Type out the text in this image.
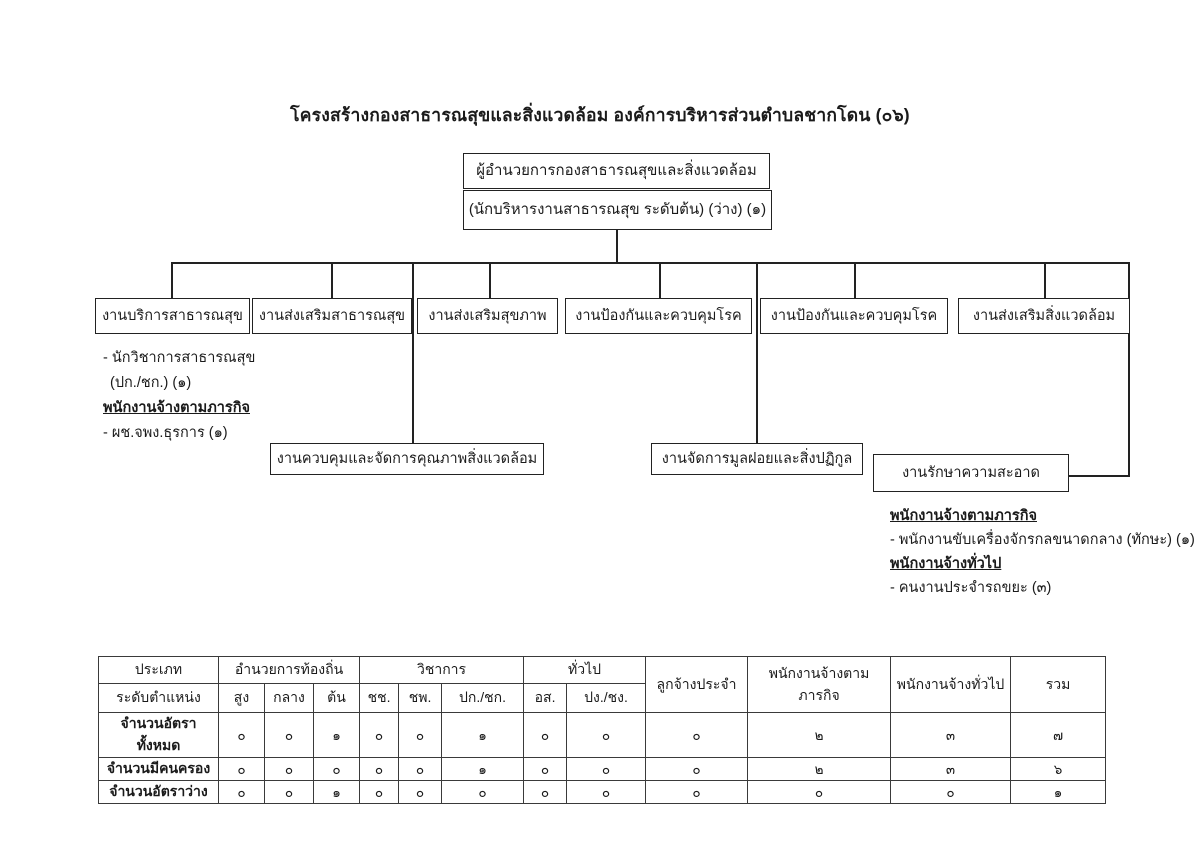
โครงสร้างกองสาธารณสุขและสิ่งแวดล้อม องค์การบริหารส่วนตำบลชากโดน (๐๖)
ผู้อำนวยการกองสาธารณสุขและสิ่งแวดล้อม
(นักบริหารงานสาธารณสุข ระดับต้น) (ว่าง) (๑)
งานบริการสาธารณสุข งานส่งเสริมสาธารณสุข งานส่งเสริมสุขภาพ งานป้องกันและควบคุมโรค งานป้องกันและควบคุมโรค งานส่งเสริมสิ่งแวดล้อม
- นักวิชาการสาธารณสุข
(ปก./ชก.) (๑)
พนักงานจ้างตามภารกิจ
- ผช.จพง.ธุรการ (๑)
งานควบคุมและจัดการคุณภาพสิ่งแวดล้อม	งานจัดการมูลฝอยและสิ่งปฏิกูล
งานรักษาความสะอาด
พนักงานจ้างตามภารกิจ
- พนักงานขับเครื่องจักรกลขนาดกลาง (ทักษะ) (๑)
พนักงานจ้างทั่วไป
- คนงานประจำรถขยะ (๓)
ประเภท	อำนวยการท้องถิ่น			วิชาการ			ทั่วไป		ลูกจ้างประจำ	พนักงานจ้างตามภารกิจ	พนักงานจ้างทั่วไป	รวม
ระดับตำแหน่ง	สูง	กลาง	ต้น	ชช.	ชพ.	ปก./ชก.	อส.	ปง./ชง.				
จำนวนอัตราทั้งหมด	๐	๐	๑	๐	๐	๑	๐	๐	๐	๒	๓	๗
จำนวนมีคนครอง	๐	๐	๐	๐	๐	๑	๐	๐	๐	๒	๓	๖
จำนวนอัตราว่าง	๐	๐	๑	๐	๐	๐	๐	๐	๐	๐	๐	๑
